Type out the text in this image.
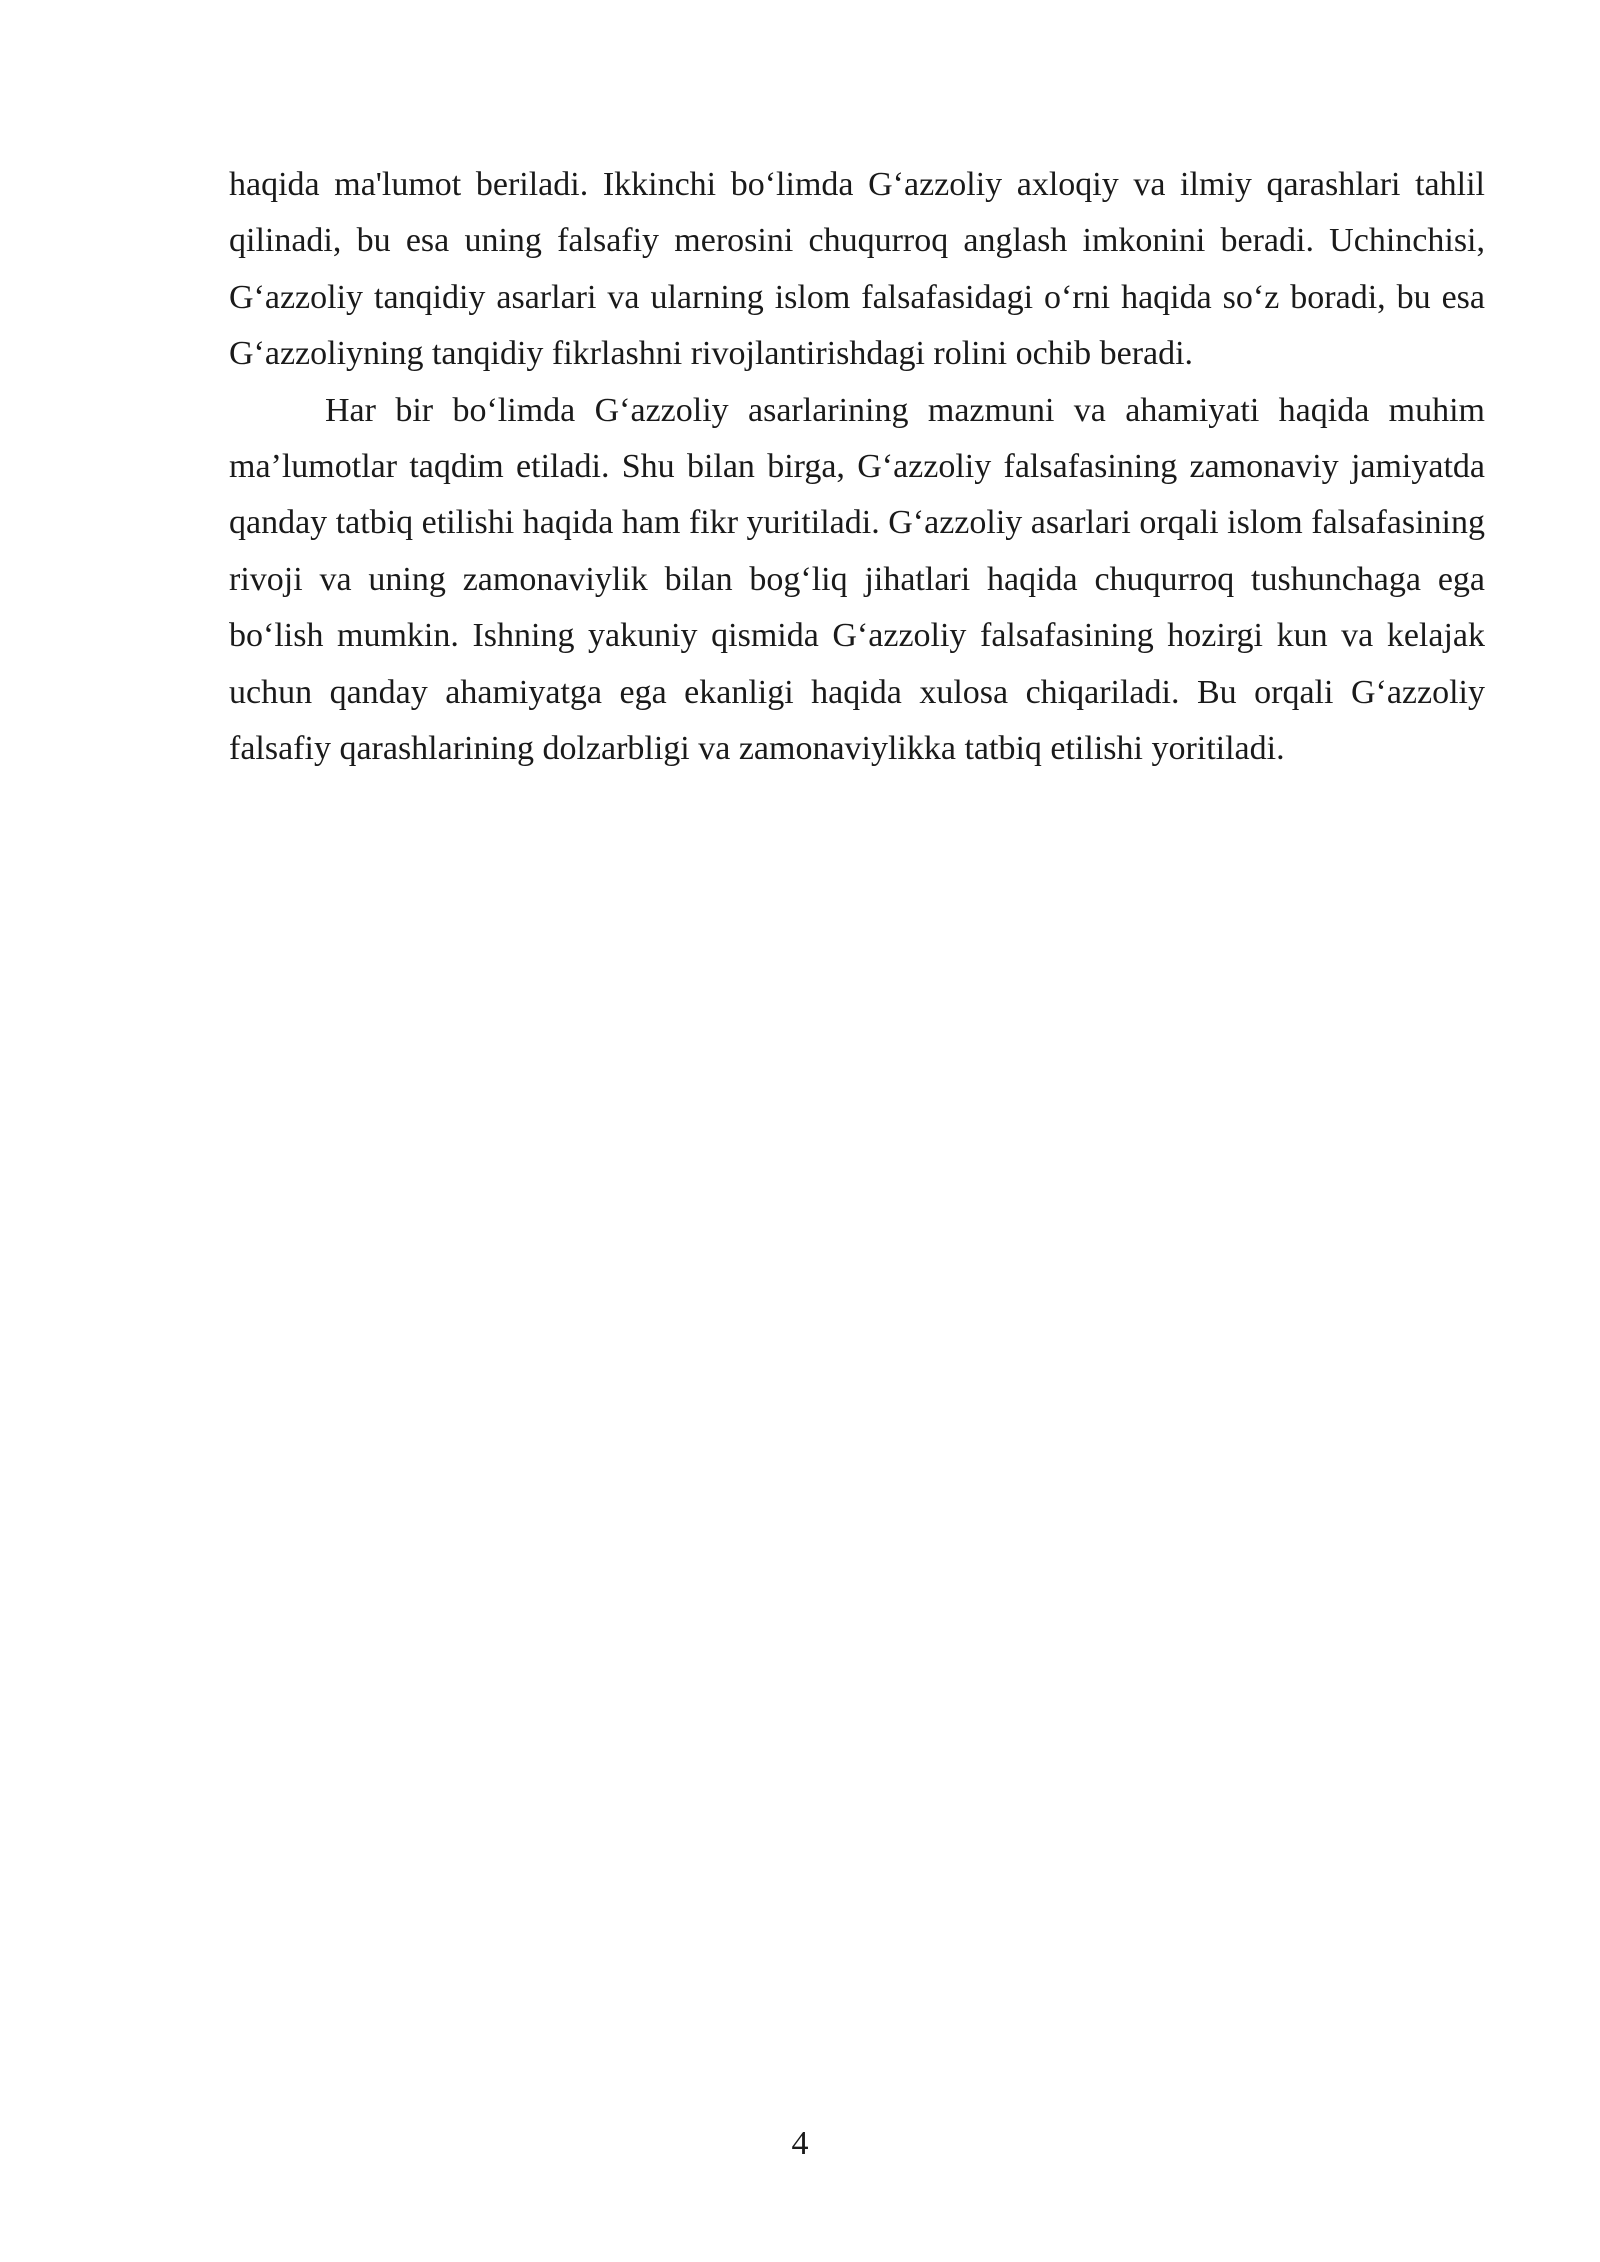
haqida ma'lumot beriladi. Ikkinchi bo‘limda G‘azzoliy axloqiy va ilmiy qarashlari tahlil qilinadi, bu esa uning falsafiy merosini chuqurroq anglash imkonini beradi. Uchinchisi, G‘azzoliy tanqidiy asarlari va ularning islom falsafasidagi o‘rni haqida so‘z boradi, bu esa G‘azzoliyning tanqidiy fikrlashni rivojlantirishdagi rolini ochib beradi.

Har bir bo‘limda G‘azzoliy asarlarining mazmuni va ahamiyati haqida muhim ma’lumotlar taqdim etiladi. Shu bilan birga, G‘azzoliy falsafasining zamonaviy jamiyatda qanday tatbiq etilishi haqida ham fikr yuritiladi. G‘azzoliy asarlari orqali islom falsafasining rivoji va uning zamonaviylik bilan bog‘liq jihatlari haqida chuqurroq tushunchaga ega bo‘lish mumkin. Ishning yakuniy qismida G‘azzoliy falsafasining hozirgi kun va kelajak uchun qanday ahamiyatga ega ekanligi haqida xulosa chiqariladi. Bu orqali G‘azzoliy falsafiy qarashlarining dolzarbligi va zamonaviylikka tatbiq etilishi yoritiladi.

4
